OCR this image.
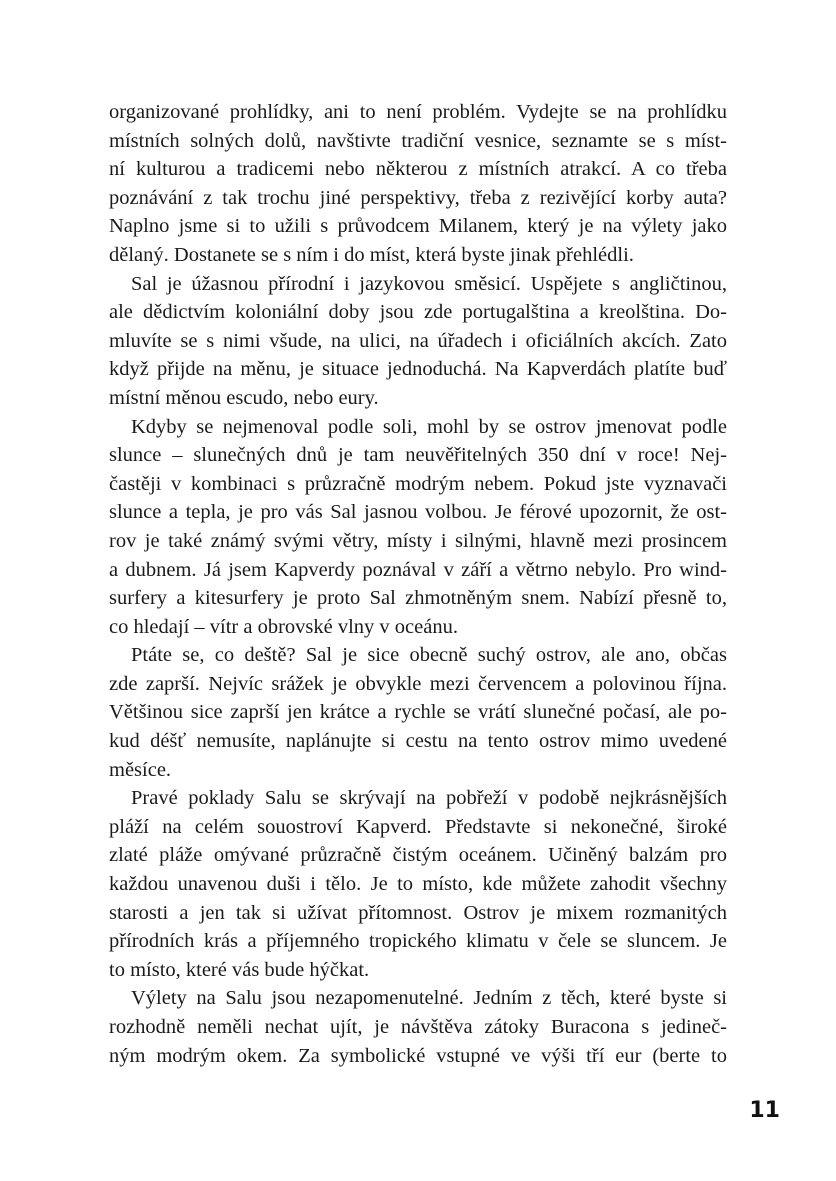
organizované prohlídky, ani to není problém. Vydejte se na prohlídku
místních solných dolů, navštivte tradiční vesnice, seznamte se s míst-
ní kulturou a tradicemi nebo některou z místních atrakcí. A co třeba
poznávání z tak trochu jiné perspektivy, třeba z rezivějící korby auta?
Naplno jsme si to užili s průvodcem Milanem, který je na výlety jako
dělaný. Dostanete se s ním i do míst, která byste jinak přehlédli.

Sal je úžasnou přírodní i jazykovou směsicí. Uspějete s angličtinou,
ale dědictvím koloniální doby jsou zde portugalština a kreolština. Do-
mluvíte se s nimi všude, na ulici, na úřadech i oficiálních akcích. Zato
když přijde na měnu, je situace jednoduchá. Na Kapverdách platíte buď
místní měnou escudo, nebo eury.

Kdyby se nejmenoval podle soli, mohl by se ostrov jmenovat podle
slunce – slunečných dnů je tam neuvěřitelných 350 dní v roce! Nej-
častěji v kombinaci s průzračně modrým nebem. Pokud jste vyznavači
slunce a tepla, je pro vás Sal jasnou volbou. Je férové upozornit, že ost-
rov je také známý svými větry, místy i silnými, hlavně mezi prosincem
a dubnem. Já jsem Kapverdy poznával v září a větrno nebylo. Pro wind-
surfery a kitesurfery je proto Sal zhmotněným snem. Nabízí přesně to,
co hledají – vítr a obrovské vlny v oceánu.

Ptáte se, co deště? Sal je sice obecně suchý ostrov, ale ano, občas
zde zaprší. Nejvíc srážek je obvykle mezi červencem a polovinou října.
Většinou sice zaprší jen krátce a rychle se vrátí slunečné počasí, ale po-
kud déšť nemusíte, naplánujte si cestu na tento ostrov mimo uvedené
měsíce.

Pravé poklady Salu se skrývají na pobřeží v podobě nejkrásnějších
pláží na celém souostroví Kapverd. Představte si nekonečné, široké
zlaté pláže omývané průzračně čistým oceánem. Učiněný balzám pro
každou unavenou duši i tělo. Je to místo, kde můžete zahodit všechny
starosti a jen tak si užívat přítomnost. Ostrov je mixem rozmanitých
přírodních krás a příjemného tropického klimatu v čele se sluncem. Je
to místo, které vás bude hýčkat.

Výlety na Salu jsou nezapomenutelné. Jedním z těch, které byste si
rozhodně neměli nechat ujít, je návštěva zátoky Buracona s jedineč-
ným modrým okem. Za symbolické vstupné ve výši tří eur (berte to

11
